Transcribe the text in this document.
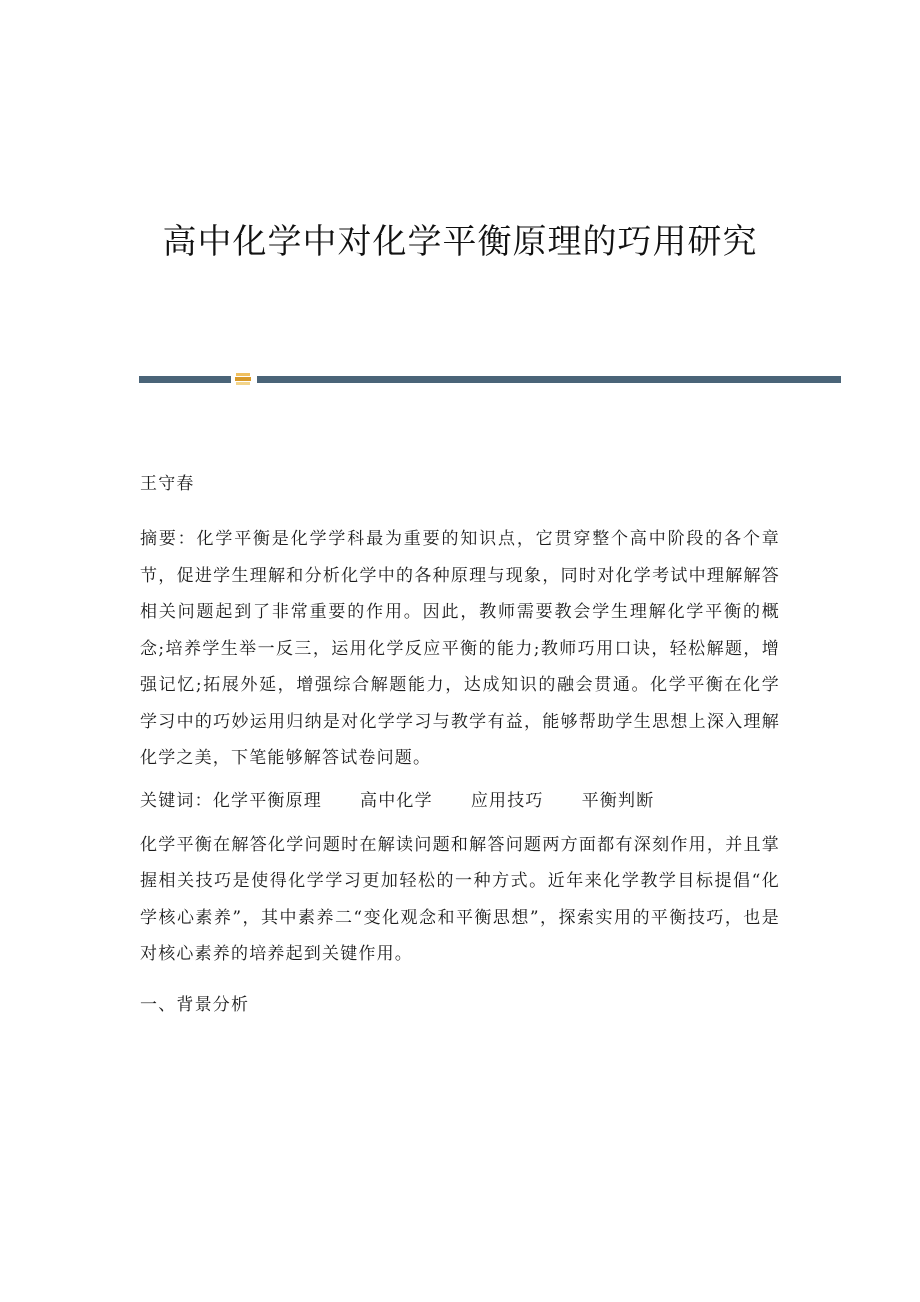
高中化学中对化学平衡原理的巧用研究

王守春

摘要：化学平衡是化学学科最为重要的知识点，它贯穿整个高中阶段的各个章节，促进学生理解和分析化学中的各种原理与现象，同时对化学考试中理解解答相关问题起到了非常重要的作用。因此，教师需要教会学生理解化学平衡的概念;培养学生举一反三，运用化学反应平衡的能力;教师巧用口诀，轻松解题，增强记忆;拓展外延，增强综合解题能力，达成知识的融会贯通。化学平衡在化学学习中的巧妙运用归纳是对化学学习与教学有益，能够帮助学生思想上深入理解化学之美，下笔能够解答试卷问题。

关键词：化学平衡原理 高中化学 应用技巧 平衡判断

化学平衡在解答化学问题时在解读问题和解答问题两方面都有深刻作用，并且掌握相关技巧是使得化学学习更加轻松的一种方式。近年来化学教学目标提倡“化学核心素养”，其中素养二“变化观念和平衡思想”，探索实用的平衡技巧，也是对核心素养的培养起到关键作用。

一、背景分析
